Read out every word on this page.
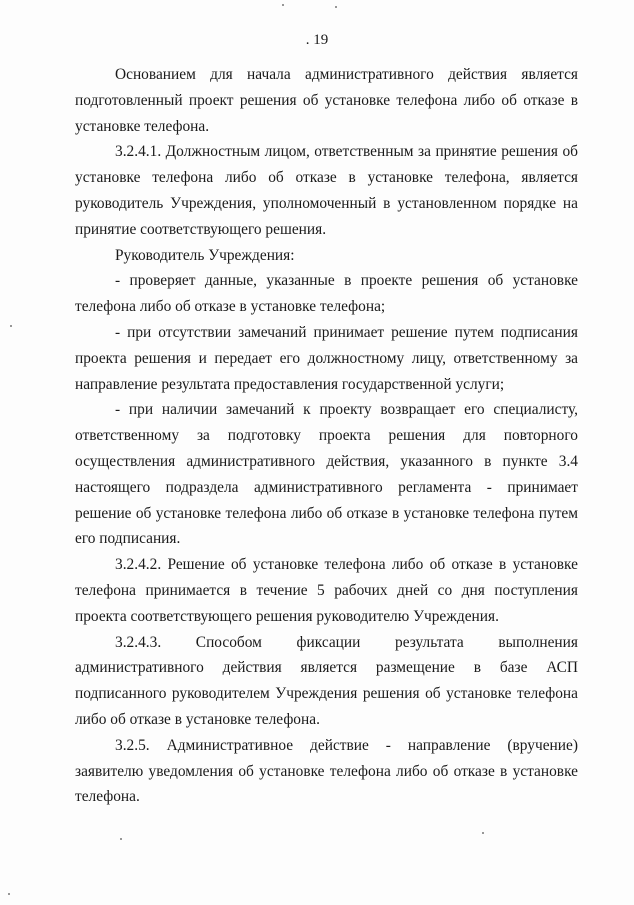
. 19

Основанием для начала административного действия является подготовленный проект решения об установке телефона либо об отказе в установке телефона.

3.2.4.1. Должностным лицом, ответственным за принятие решения об установке телефона либо об отказе в установке телефона, является руководитель Учреждения, уполномоченный в установленном порядке на принятие соответствующего решения.

Руководитель Учреждения:

- проверяет данные, указанные в проекте решения об установке телефона либо об отказе в установке телефона;

- при отсутствии замечаний принимает решение путем подписания проекта решения и передает его должностному лицу, ответственному за направление результата предоставления государственной услуги;

- при наличии замечаний к проекту возвращает его специалисту, ответственному за подготовку проекта решения для повторного осуществления административного действия, указанного в пункте 3.4 настоящего подраздела административного регламента - принимает решение об установке телефона либо об отказе в установке телефона путем его подписания.

3.2.4.2. Решение об установке телефона либо об отказе в установке телефона принимается в течение 5 рабочих дней со дня поступления проекта соответствующего решения руководителю Учреждения.

3.2.4.3. Способом фиксации результата выполнения административного действия является размещение в базе АСП подписанного руководителем Учреждения решения об установке телефона либо об отказе в установке телефона.

3.2.5. Административное действие - направление (вручение) заявителю уведомления об установке телефона либо об отказе в установке телефона.
